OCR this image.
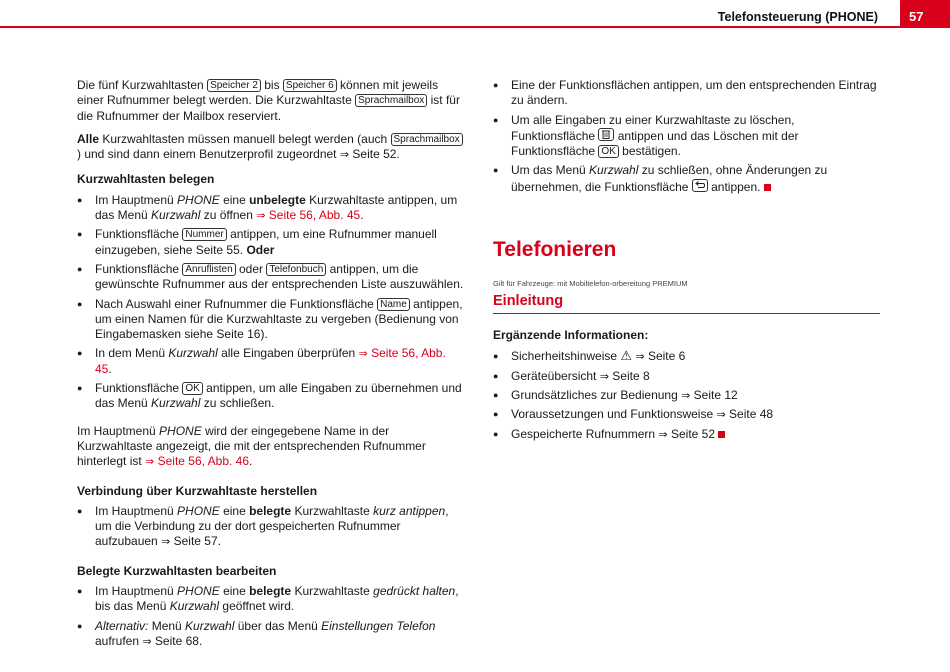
Telefonsteuerung (PHONE) 57

Die fünf Kurzwahltasten Speicher 2 bis Speicher 6 können mit jeweils einer Rufnummer belegt werden. Die Kurzwahltaste Sprachmailbox ist für die Rufnummer der Mailbox reserviert.

Alle Kurzwahltasten müssen manuell belegt werden (auch Sprachmailbox) und sind dann einem Benutzerprofil zugeordnet ⇒ Seite 52.

Kurzwahltasten belegen
● Im Hauptmenü PHONE eine unbelegte Kurzwahltaste antippen, um das Menü Kurzwahl zu öffnen ⇒ Seite 56, Abb. 45.
● Funktionsfläche Nummer antippen, um eine Rufnummer manuell einzugeben, siehe Seite 55. Oder
● Funktionsfläche Anruflisten oder Telefonbuch antippen, um die gewünschte Rufnummer aus der entsprechenden Liste auszuwählen.
● Nach Auswahl einer Rufnummer die Funktionsfläche Name antippen, um einen Namen für die Kurzwahltaste zu vergeben (Bedienung von Eingabemasken siehe Seite 16).
● In dem Menü Kurzwahl alle Eingaben überprüfen ⇒ Seite 56, Abb. 45.
● Funktionsfläche OK antippen, um alle Eingaben zu übernehmen und das Menü Kurzwahl zu schließen.

Im Hauptmenü PHONE wird der eingegebene Name in der Kurzwahltaste angezeigt, die mit der entsprechenden Rufnummer hinterlegt ist ⇒ Seite 56, Abb. 46.

Verbindung über Kurzwahltaste herstellen
● Im Hauptmenü PHONE eine belegte Kurzwahltaste kurz antippen, um die Verbindung zu der dort gespeicherten Rufnummer aufzubauen ⇒ Seite 57.
Belegte Kurzwahltasten bearbeiten
● Im Hauptmenü PHONE eine belegte Kurzwahltaste gedrückt halten, bis das Menü Kurzwahl geöffnet wird.
● Alternativ: Menü Kurzwahl über das Menü Einstellungen Telefon aufrufen ⇒ Seite 68.
● Eine der Funktionsflächen antippen, um den entsprechenden Eintrag zu ändern.
● Um alle Eingaben zu einer Kurzwahltaste zu löschen, Funktionsfläche
antippen und das Löschen mit der Funktionsfläche OK bestätigen.
● Um das Menü Kurzwahl zu schließen, ohne Änderungen zu übernehmen, die Funktionsfläche
antippen.
Telefonieren
Gilt für Fahrzeuge: mit Mobiltelefon-orbereitung PREMIUM
Einleitung
Ergänzende Informationen:
● Sicherheitshinweise ⚠ ⇒ Seite 6
● Geräteübersicht ⇒ Seite 8
● Grundsätzliches zur Bedienung ⇒ Seite 12
● Voraussetzungen und Funktionsweise ⇒ Seite 48
● Gespeicherte Rufnummern ⇒ Seite 52
